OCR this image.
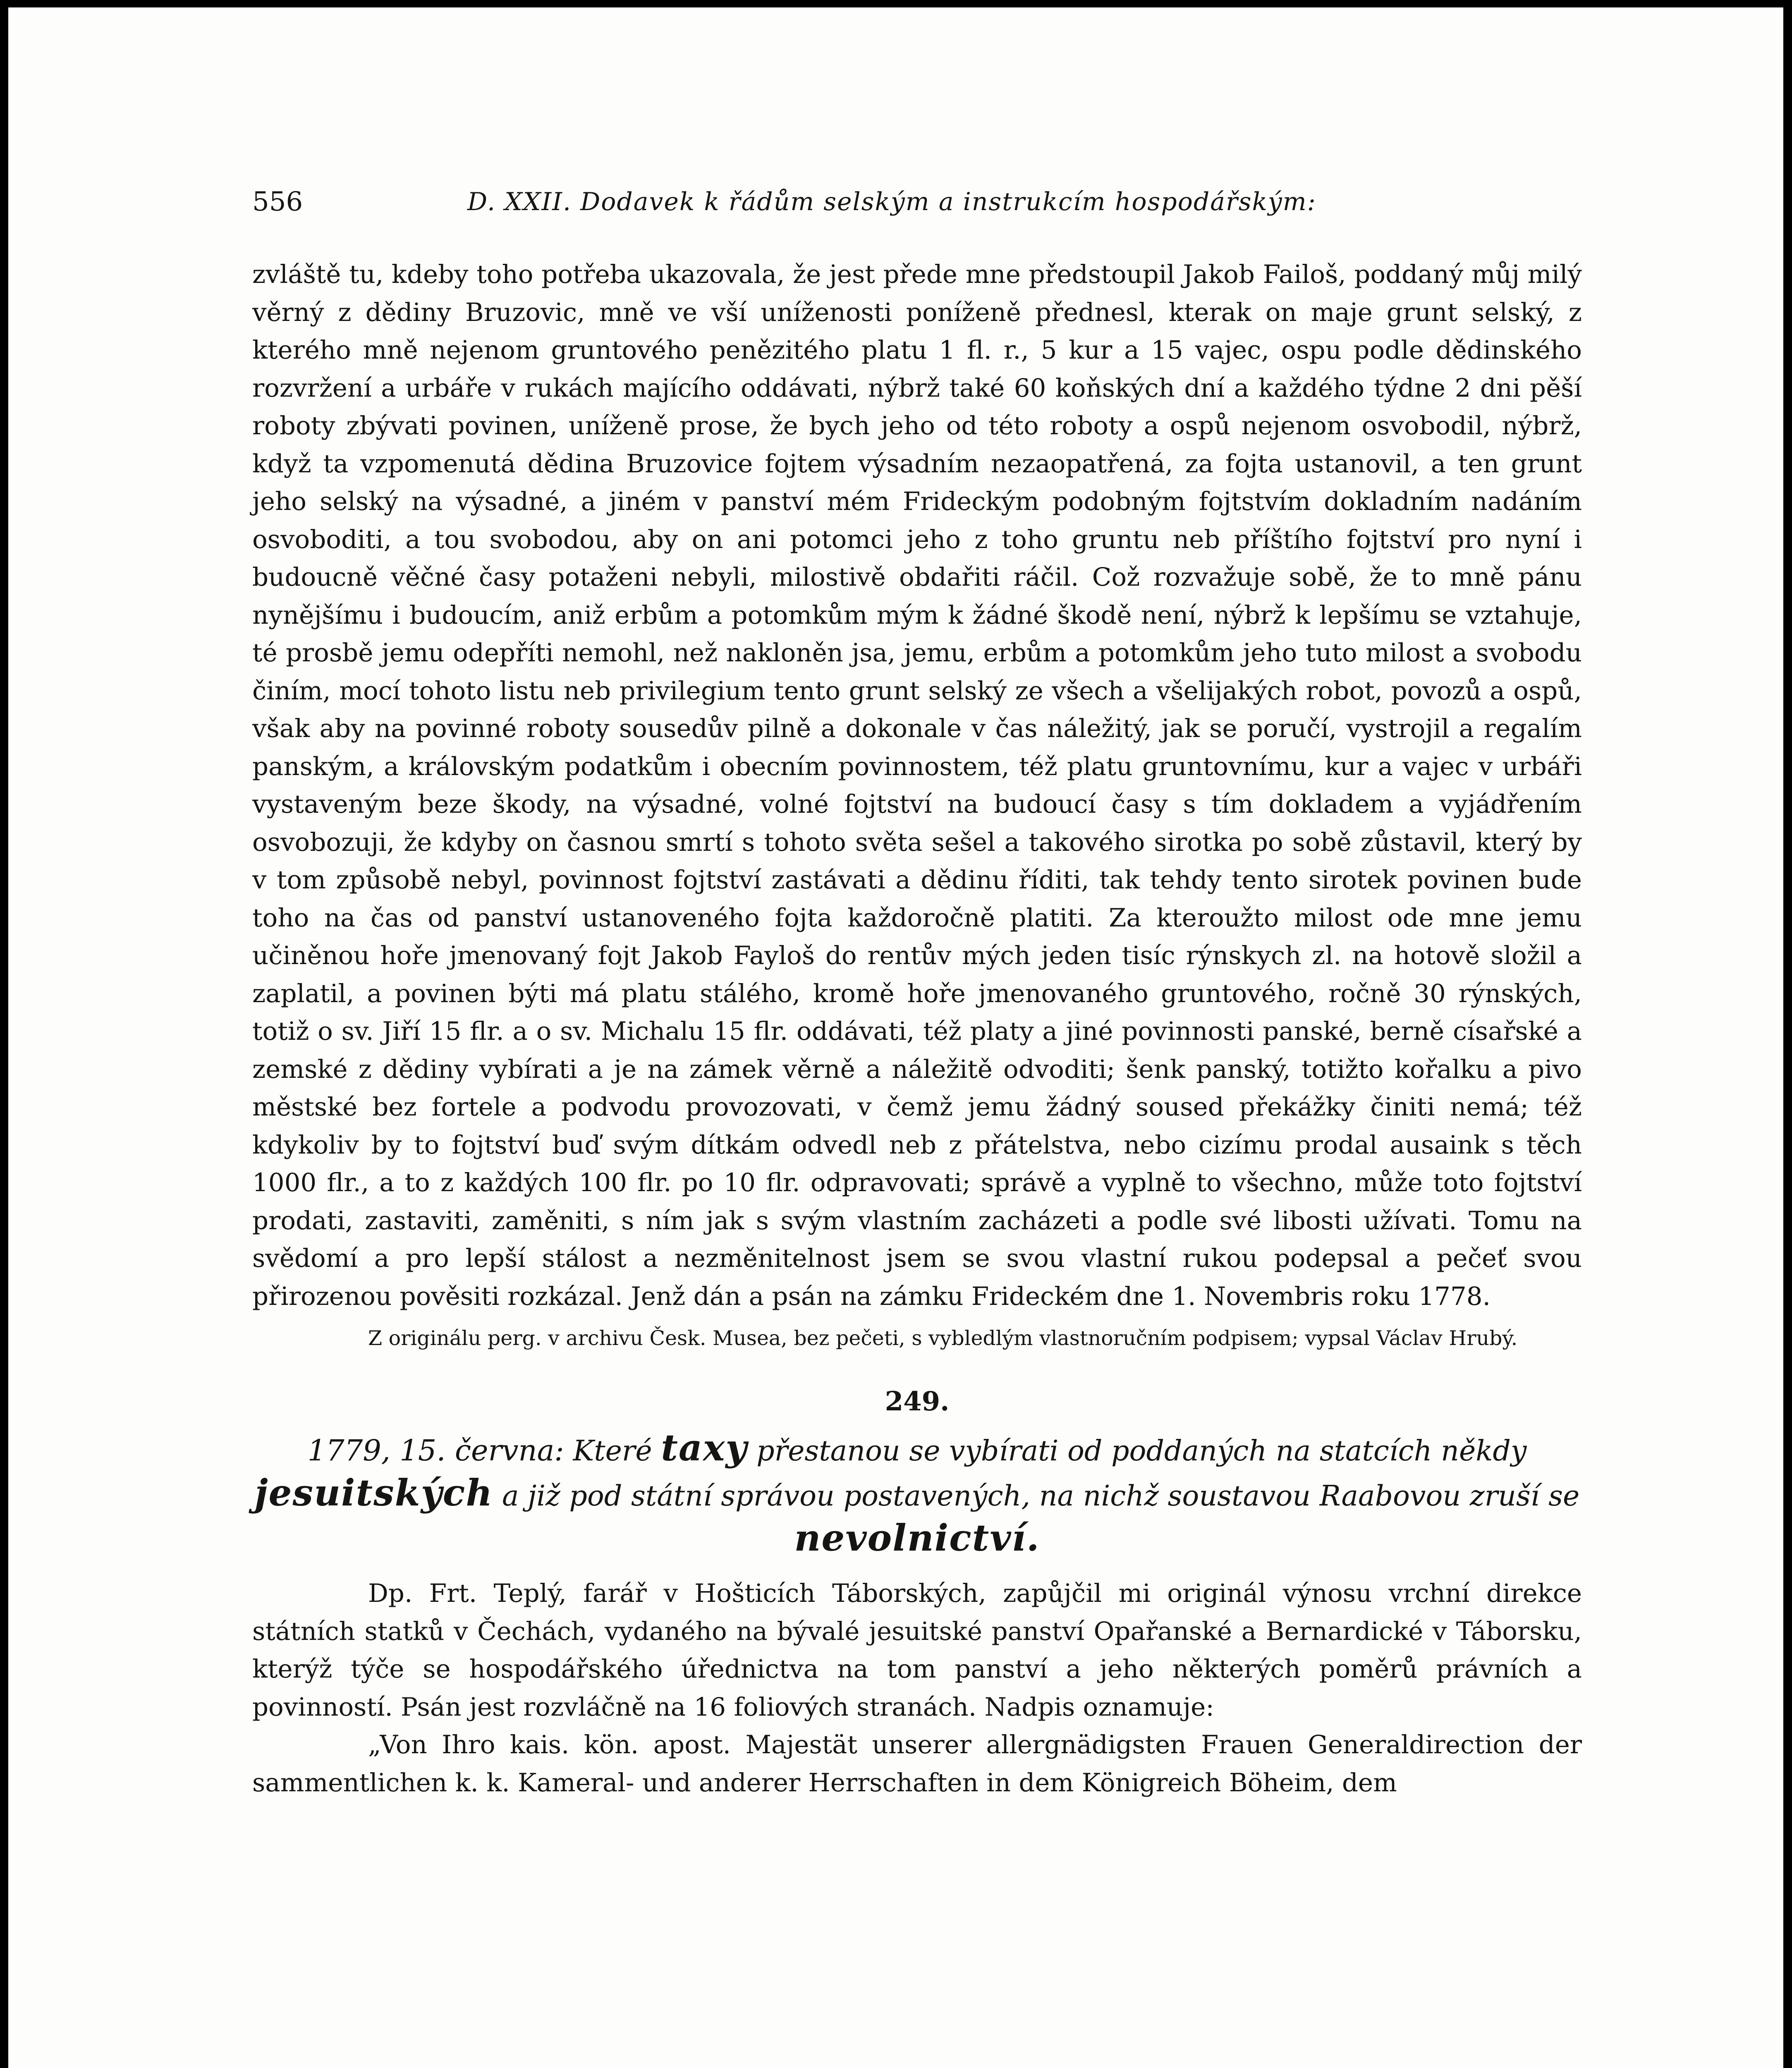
556	D. XXII. Dodavek k řádům selským a instrukcím hospodářským:

zvláště tu, kdeby toho potřeba ukazovala, že jest přede mne předstoupil Jakob Failoš, poddaný můj milý věrný z dědiny Bruzovic, mně ve vší uníženosti poníženě přednesl, kterak on maje grunt selský, z kterého mně nejenom gruntového penězitého platu 1 fl. r., 5 kur a 15 vajec, ospu podle dědinského rozvržení a urbáře v rukách majícího oddávati, nýbrž také 60 koňských dní a každého týdne 2 dni pěší roboty zbývati povinen, uníženě prose, že bych jeho od této roboty a ospů nejenom osvobodil, nýbrž, když ta vzpomenutá dědina Bruzovice fojtem výsadním nezaopatřená, za fojta ustanovil, a ten grunt jeho selský na výsadné, a jiném v panství mém Frideckým podobným fojtstvím dokladním nadáním osvoboditi, a tou svobodou, aby on ani potomci jeho z toho gruntu neb příštího fojtství pro nyní i budoucně věčné časy potaženi nebyli, milostivě obdařiti ráčil. Což rozvažuje sobě, že to mně pánu nynějšímu i budoucím, aniž erbům a potomkům mým k žádné škodě není, nýbrž k lepšímu se vztahuje, té prosbě jemu odepříti nemohl, než nakloněn jsa, jemu, erbům a potomkům jeho tuto milost a svobodu činím, mocí tohoto listu neb privilegium tento grunt selský ze všech a všelijakých robot, povozů a ospů, však aby na povinné roboty sousedův pilně a dokonale v čas náležitý, jak se poručí, vystrojil a regalím panským, a královským podatkům i obecním povinnostem, též platu gruntovnímu, kur a vajec v urbáři vystaveným beze škody, na výsadné, volné fojtství na budoucí časy s tím dokladem a vyjádřením osvobozuji, že kdyby on časnou smrtí s tohoto světa sešel a takového sirotka po sobě zůstavil, který by v tom způsobě nebyl, povinnost fojtství zastávati a dědinu říditi, tak tehdy tento sirotek povinen bude toho na čas od panství ustanoveného fojta každoročně platiti. Za kteroužto milost ode mne jemu učiněnou hoře jmenovaný fojt Jakob Fayloš do rentův mých jeden tisíc rýnskych zl. na hotově složil a zaplatil, a povinen býti má platu stálého, kromě hoře jmenovaného gruntového, ročně 30 rýnských, totiž o sv. Jiří 15 flr. a o sv. Michalu 15 flr. oddávati, též platy a jiné povinnosti panské, berně císařské a zemské z dědiny vybírati a je na zámek věrně a náležitě odvoditi; šenk panský, totižto kořalku a pivo městské bez fortele a podvodu provozovati, v čemž jemu žádný soused překážky činiti nemá; též kdykoliv by to fojtství buď svým dítkám odvedl neb z přátelstva, nebo cizímu prodal ausaink s těch 1000 flr., a to z každých 100 flr. po 10 flr. odpravovati; správě a vyplně to všechno, může toto fojtství prodati, zastaviti, zaměniti, s ním jak s svým vlastním zacházeti a podle své libosti užívati. Tomu na svědomí a pro lepší stálost a nezměnitelnost jsem se svou vlastní rukou podepsal a pečeť svou přirozenou pověsiti rozkázal. Jenž dán a psán na zámku Frideckém dne 1. Novembris roku 1778.

Z originálu perg. v archivu Česk. Musea, bez pečeti, s vybledlým vlastnoručním podpisem; vypsal Václav Hrubý.

249.
1779, 15. června: Které taxy přestanou se vybírati od poddaných na statcích někdy jesuitských a již pod státní správou postavených, na nichž soustavou Raabovou zruší se nevolnictví.

Dp. Frt. Teplý, farář v Hošticích Táborských, zapůjčil mi originál výnosu vrchní direkce státních statků v Čechách, vydaného na bývalé jesuitské panství Opařanské a Bernardické v Táborsku, kterýž týče se hospodářského úřednictva na tom panství a jeho některých poměrů právních a povinností. Psán jest rozvláčně na 16 foliových stranách. Nadpis oznamuje:

„Von Ihro kais. kön. apost. Majestät unserer allergnädigsten Frauen Generaldirection der sammentlichen k. k. Kameral- und anderer Herrschaften in dem Königreich Böheim, dem
